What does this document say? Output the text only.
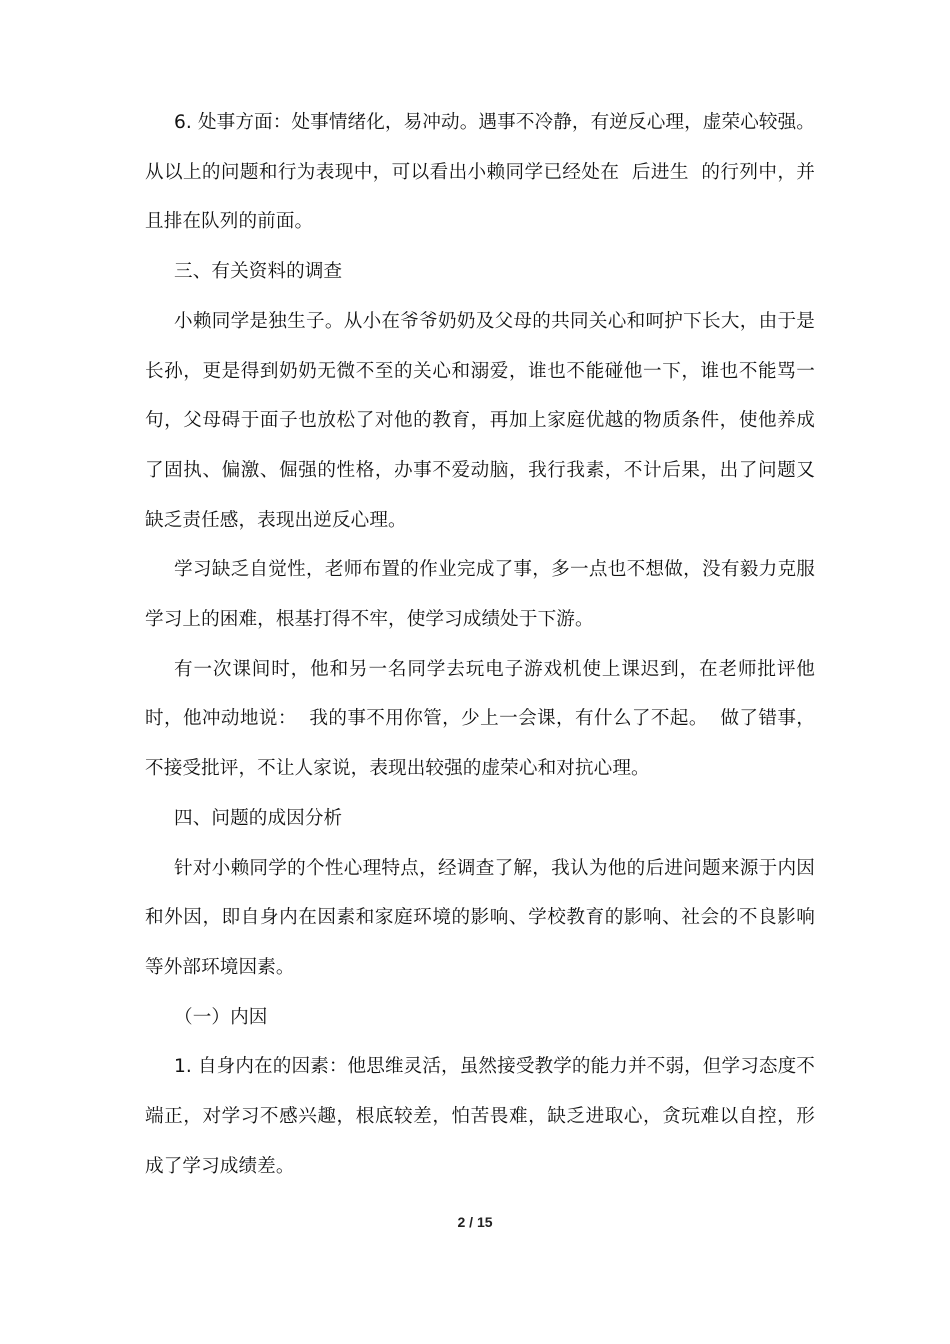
6. 处事方面：处事情绪化，易冲动。遇事不冷静，有逆反心理，虚荣心较强。从以上的问题和行为表现中，可以看出小赖同学已经处在  后进生  的行列中，并且排在队列的前面。

三、有关资料的调查

小赖同学是独生子。从小在爷爷奶奶及父母的共同关心和呵护下长大，由于是长孙，更是得到奶奶无微不至的关心和溺爱，谁也不能碰他一下，谁也不能骂一句，父母碍于面子也放松了对他的教育，再加上家庭优越的物质条件，使他养成了固执、偏激、倔强的性格，办事不爱动脑，我行我素，不计后果，出了问题又缺乏责任感，表现出逆反心理。

学习缺乏自觉性，老师布置的作业完成了事，多一点也不想做，没有毅力克服学习上的困难，根基打得不牢，使学习成绩处于下游。

有一次课间时，他和另一名同学去玩电子游戏机使上课迟到，在老师批评他时，他冲动地说：  我的事不用你管，少上一会课，有什么了不起。  做了错事，不接受批评，不让人家说，表现出较强的虚荣心和对抗心理。

四、问题的成因分析

针对小赖同学的个性心理特点，经调查了解，我认为他的后进问题来源于内因和外因，即自身内在因素和家庭环境的影响、学校教育的影响、社会的不良影响等外部环境因素。

（一）内因

1. 自身内在的因素：他思维灵活，虽然接受教学的能力并不弱，但学习态度不端正，对学习不感兴趣，根底较差，怕苦畏难，缺乏进取心，贪玩难以自控，形成了学习成绩差。

2 / 15
